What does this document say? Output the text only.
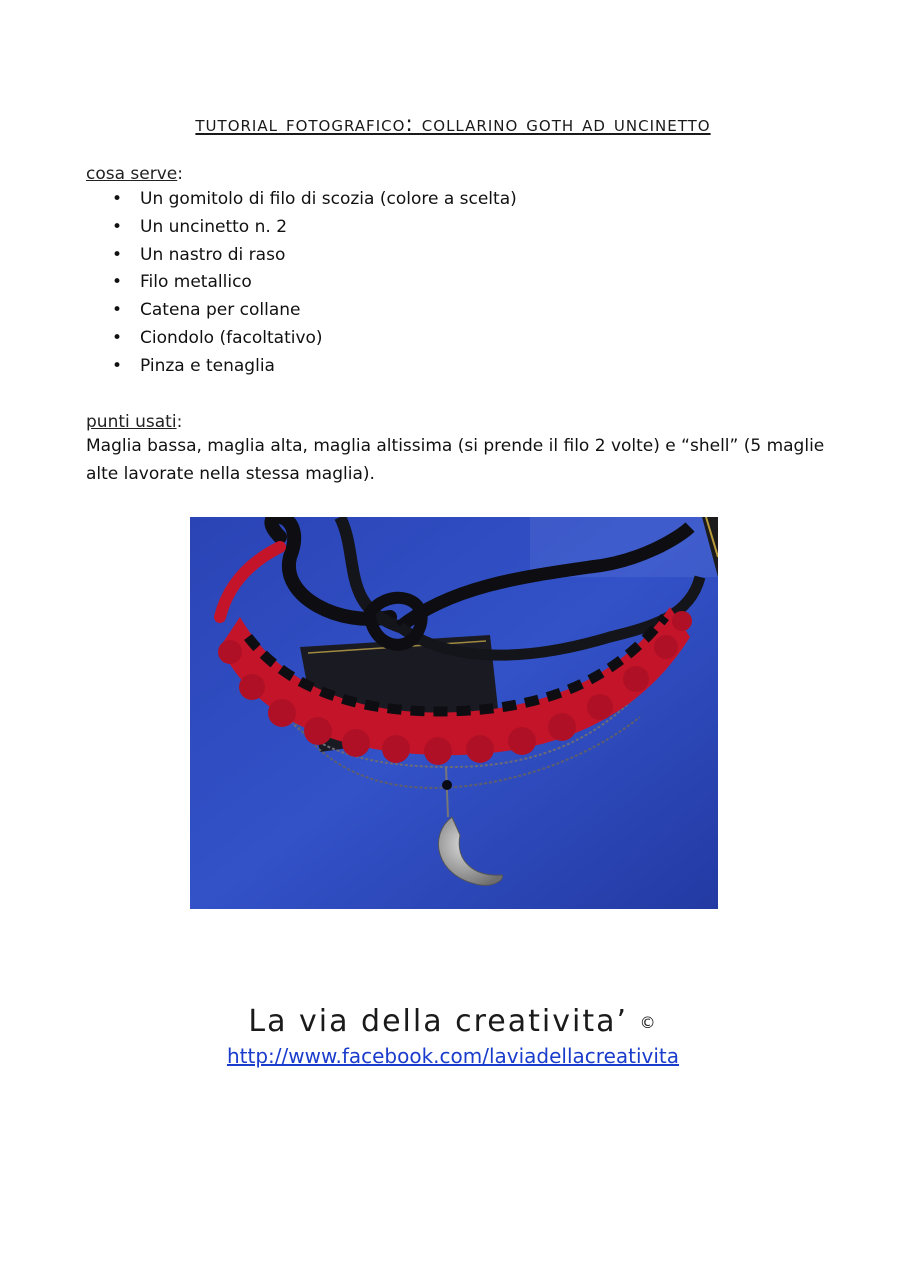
tutorial fotografico: collarino goth ad uncinetto
cosa serve:
• Un gomitolo di filo di scozia (colore a scelta)
• Un uncinetto n. 2
• Un nastro di raso
• Filo metallico
• Catena per collane
• Ciondolo (facoltativo)
• Pinza e tenaglia
punti usati:
Maglia bassa, maglia alta, maglia altissima (si prende il filo 2 volte) e “shell” (5 maglie alte lavorate nella stessa maglia).
La via della creativita’ ©
http://www.facebook.com/laviadellacreativita
